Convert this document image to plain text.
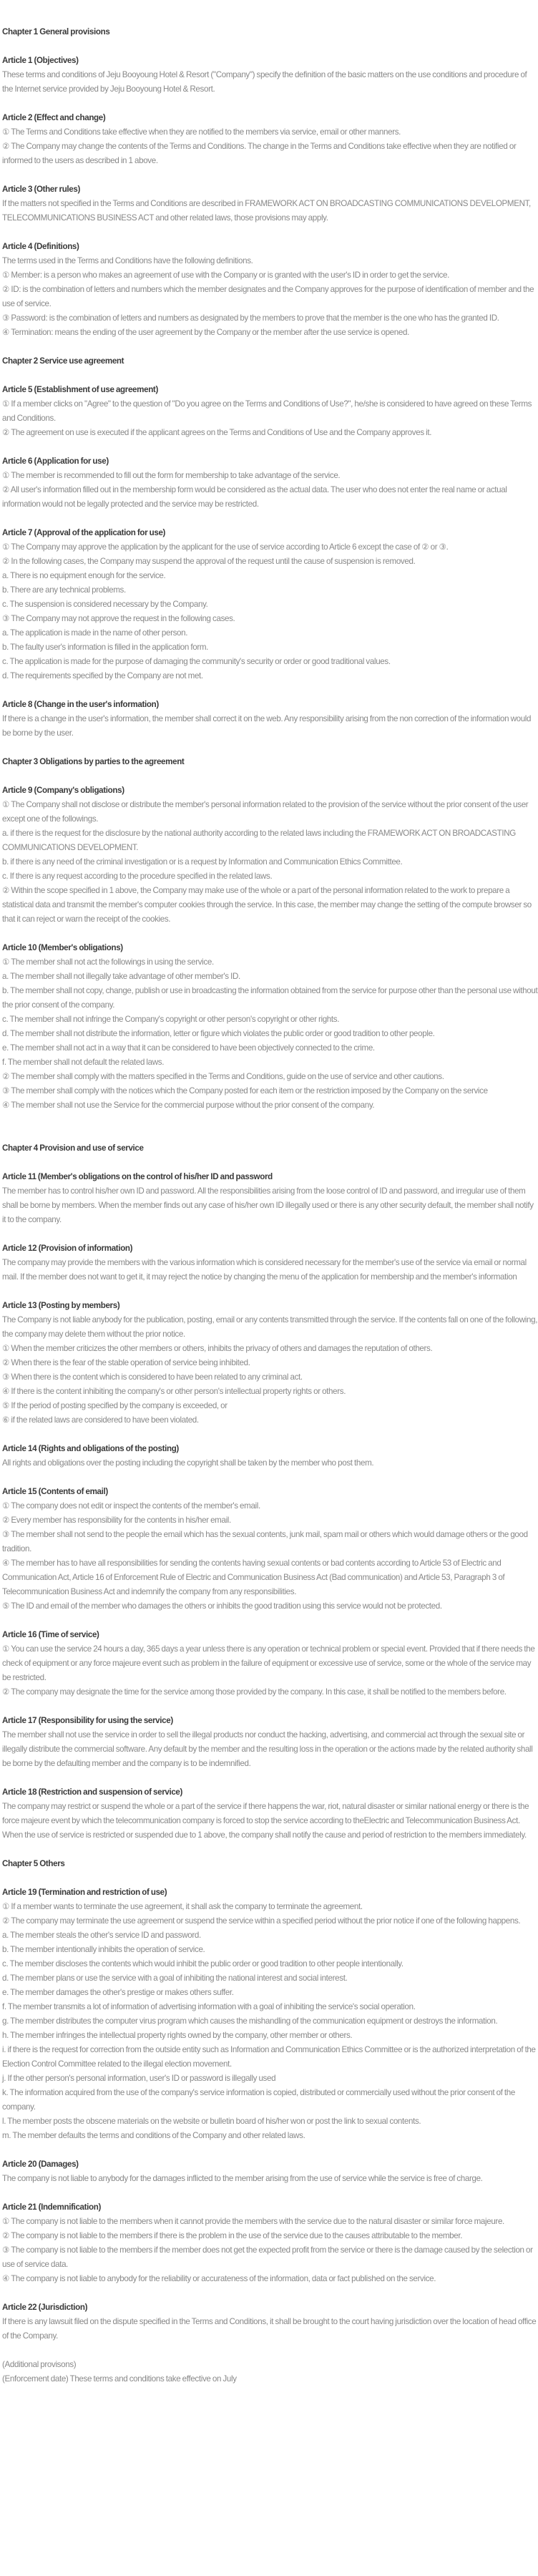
Chapter 1 General provisions
Article 1 (Objectives)
These terms and conditions of Jeju Booyoung Hotel & Resort ("Company") specify the definition of the basic matters on the use conditions and procedure of the Internet service provided by Jeju Booyoung Hotel & Resort.
Article 2 (Effect and change)
① The Terms and Conditions take effective when they are notified to the members via service, email or other manners.
② The Company may change the contents of the Terms and Conditions. The change in the Terms and Conditions take effective when they are notified or informed to the users as described in 1 above.
Article 3 (Other rules)
If the matters not specified in the Terms and Conditions are described in FRAMEWORK ACT ON BROADCASTING COMMUNICATIONS DEVELOPMENT, TELECOMMUNICATIONS BUSINESS ACT and other related laws, those provisions may apply.
Article 4 (Definitions)
The terms used in the Terms and Conditions have the following definitions.
① Member: is a person who makes an agreement of use with the Company or is granted with the user's ID in order to get the service.
② ID: is the combination of letters and numbers which the member designates and the Company approves for the purpose of identification of member and the use of service.
③ Password: is the combination of letters and numbers as designated by the members to prove that the member is the one who has the granted ID.
④ Termination: means the ending of the user agreement by the Company or the member after the use service is opened.
Chapter 2 Service use agreement
Article 5 (Establishment of use agreement)
① If a member clicks on "Agree" to the question of "Do you agree on the Terms and Conditions of Use?", he/she is considered to have agreed on these Terms and Conditions.
② The agreement on use is executed if the applicant agrees on the Terms and Conditions of Use and the Company approves it.
Article 6 (Application for use)
① The member is recommended to fill out the form for membership to take advantage of the service.
② All user's information filled out in the membership form would be considered as the actual data. The user who does not enter the real name or actual information would not be legally protected and the service may be restricted.
Article 7 (Approval of the application for use)
① The Company may approve the application by the applicant for the use of service according to Article 6 except the case of ② or ③.
② In the following cases, the Company may suspend the approval of the request until the cause of suspension is removed.
a. There is no equipment enough for the service.
b. There are any technical problems.
c. The suspension is considered necessary by the Company.
③ The Company may not approve the request in the following cases.
a. The application is made in the name of other person.
b. The faulty user's information is filled in the application form.
c. The application is made for the purpose of damaging the community's security or order or good traditional values.
d. The requirements specified by the Company are not met.
Article 8 (Change in the user's information)
If there is a change in the user's information, the member shall correct it on the web. Any responsibility arising from the non correction of the information would be borne by the user.
Chapter 3 Obligations by parties to the agreement
Article 9 (Company's obligations)
① The Company shall not disclose or distribute the member's personal information related to the provision of the service without the prior consent of the user except one of the followings.
a. if there is the request for the disclosure by the national authority according to the related laws including the FRAMEWORK ACT ON BROADCASTING COMMUNICATIONS DEVELOPMENT.
b. if there is any need of the criminal investigation or is a request by Information and Communication Ethics Committee.
c. If there is any request according to the procedure specified in the related laws.
② Within the scope specified in 1 above, the Company may make use of the whole or a part of the personal information related to the work to prepare a statistical data and transmit the member's computer cookies through the service. In this case, the member may change the setting of the compute browser so that it can reject or warn the receipt of the cookies.
Article 10 (Member's obligations)
① The member shall not act the followings in using the service.
a. The member shall not illegally take advantage of other member's ID.
b. The member shall not copy, change, publish or use in broadcasting the information obtained from the service for purpose other than the personal use without the prior consent of the company.
c. The member shall not infringe the Company's copyright or other person's copyright or other rights.
d. The member shall not distribute the information, letter or figure which violates the public order or good tradition to other people.
e. The member shall not act in a way that it can be considered to have been objectively connected to the crime.
f. The member shall not default the related laws.
② The member shall comply with the matters specified in the Terms and Conditions, guide on the use of service and other cautions.
③ The member shall comply with the notices which the Company posted for each item or the restriction imposed by the Company on the service
④ The member shall not use the Service for the commercial purpose without the prior consent of the company.
Chapter 4 Provision and use of service
Article 11 (Member's obligations on the control of his/her ID and password
The member has to control his/her own ID and password. All the responsibilities arising from the loose control of ID and password, and irregular use of them shall be borne by members. When the member finds out any case of his/her own ID illegally used or there is any other security default, the member shall notify it to the company.
Article 12 (Provision of information)
The company may provide the members with the various information which is considered necessary for the member's use of the service via email or normal mail. If the member does not want to get it, it may reject the notice by changing the menu of the application for membership and the member's information
Article 13 (Posting by members)
The Company is not liable anybody for the publication, posting, email or any contents transmitted through the service. If the contents fall on one of the following, the company may delete them without the prior notice.
① When the member criticizes the other members or others, inhibits the privacy of others and damages the reputation of others.
② When there is the fear of the stable operation of service being inhibited.
③ When there is the content which is considered to have been related to any criminal act.
④ If there is the content inhibiting the company's or other person's intellectual property rights or others.
⑤ If the period of posting specified by the company is exceeded, or
⑥ if the related laws are considered to have been violated.
Article 14 (Rights and obligations of the posting)
All rights and obligations over the posting including the copyright shall be taken by the member who post them.
Article 15 (Contents of email)
① The company does not edit or inspect the contents of the member's email.
② Every member has responsibility for the contents in his/her email.
③ The member shall not send to the people the email which has the sexual contents, junk mail, spam mail or others which would damage others or the good tradition.
④ The member has to have all responsibilities for sending the contents having sexual contents or bad contents according to Article 53 of Electric and Communication Act, Article 16 of Enforcement Rule of Electric and Communication Business Act (Bad communication) and Article 53, Paragraph 3 of Telecommunication Business Act and indemnify the company from any responsibilities.
⑤ The ID and email of the member who damages the others or inhibits the good tradition using this service would not be protected.
Article 16 (Time of service)
① You can use the service 24 hours a day, 365 days a year unless there is any operation or technical problem or special event. Provided that if there needs the check of equipment or any force majeure event such as problem in the failure of equipment or excessive use of service, some or the whole of the service may be restricted.
② The company may designate the time for the service among those provided by the company. In this case, it shall be notified to the members before.
Article 17 (Responsibility for using the service)
The member shall not use the service in order to sell the illegal products nor conduct the hacking, advertising, and commercial act through the sexual site or illegally distribute the commercial software. Any default by the member and the resulting loss in the operation or the actions made by the related authority shall be borne by the defaulting member and the company is to be indemnified.
Article 18 (Restriction and suspension of service)
The company may restrict or suspend the whole or a part of the service if there happens the war, riot, natural disaster or similar national energy or there is the force majeure event by which the telecommunication company is forced to stop the service according to theElectric and Telecommunication Business Act.
When the use of service is restricted or suspended due to 1 above, the company shall notify the cause and period of restriction to the members immediately.
Chapter 5 Others
Article 19 (Termination and restriction of use)
① If a member wants to terminate the use agreement, it shall ask the company to terminate the agreement.
② The company may terminate the use agreement or suspend the service within a specified period without the prior notice if one of the following happens.
a. The member steals the other's service ID and password.
b. The member intentionally inhibits the operation of service.
c. The member discloses the contents which would inhibit the public order or good tradition to other people intentionally.
d. The member plans or use the service with a goal of inhibiting the national interest and social interest.
e. The member damages the other's prestige or makes others suffer.
f. The member transmits a lot of information of advertising information with a goal of inhibiting the service's social operation.
g. The member distributes the computer virus program which causes the mishandling of the communication equipment or destroys the information.
h. The member infringes the intellectual property rights owned by the company, other member or others.
i. if there is the request for correction from the outside entity such as Information and Communication Ethics Committee or is the authorized interpretation of the Election Control Committee related to the illegal election movement.
j. If the other person's personal information, user's ID or password is illegally used
k. The information acquired from the use of the company's service information is copied, distributed or commercially used without the prior consent of the company.
l. The member posts the obscene materials on the website or bulletin board of his/her won or post the link to sexual contents.
m. The member defaults the terms and conditions of the Company and other related laws.
Article 20 (Damages)
The company is not liable to anybody for the damages inflicted to the member arising from the use of service while the service is free of charge.
Article 21 (Indemnification)
① The company is not liable to the members when it cannot provide the members with the service due to the natural disaster or similar force majeure.
② The company is not liable to the members if there is the problem in the use of the service due to the causes attributable to the member.
③ The company is not liable to the members if the member does not get the expected profit from the service or there is the damage caused by the selection or use of service data.
④ The company is not liable to anybody for the reliability or accurateness of the information, data or fact published on the service.
Article 22 (Jurisdiction)
If there is any lawsuit filed on the dispute specified in the Terms and Conditions, it shall be brought to the court having jurisdiction over the location of head office of the Company.
(Additional provisons)
(Enforcement date) These terms and conditions take effective on July
